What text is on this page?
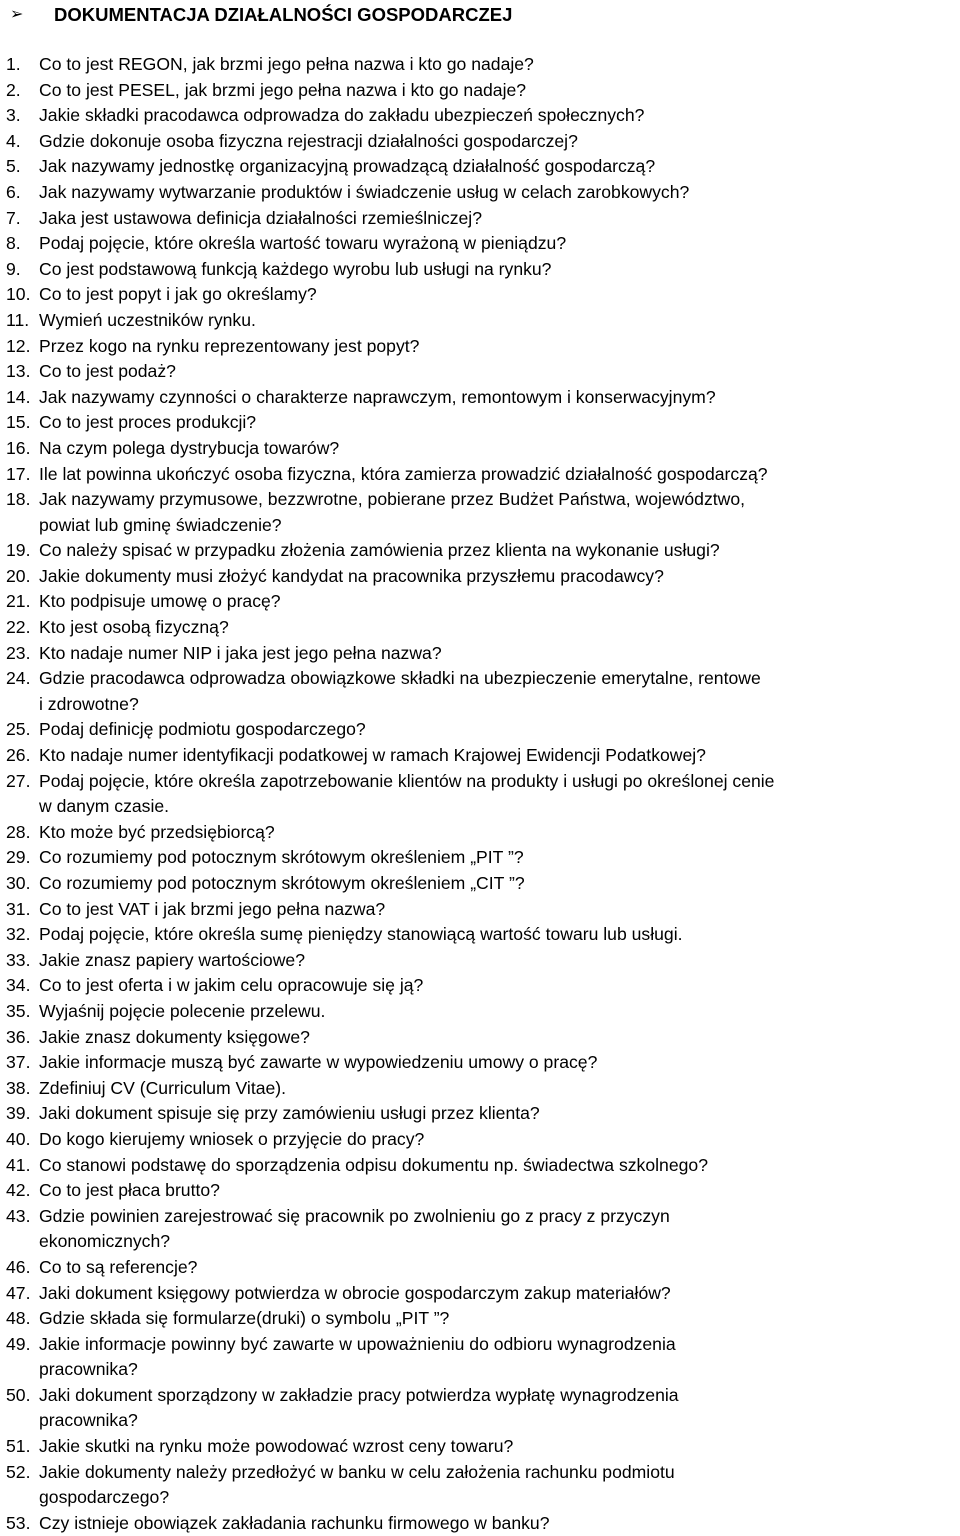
➢	DOKUMENTACJA DZIAŁALNOŚCI GOSPODARCZEJ
1.	Co to jest REGON, jak brzmi jego pełna nazwa i kto go nadaje?
2.	Co to jest PESEL, jak brzmi jego pełna nazwa i kto go nadaje?
3.	Jakie składki pracodawca odprowadza do zakładu ubezpieczeń społecznych?
4.	Gdzie dokonuje osoba fizyczna rejestracji działalności gospodarczej?
5.	Jak nazywamy jednostkę organizacyjną prowadzącą działalność gospodarczą?
6.	Jak nazywamy wytwarzanie produktów i świadczenie usług w celach zarobkowych?
7.	Jaka jest ustawowa definicja działalności rzemieślniczej?
8.	Podaj pojęcie, które określa wartość towaru wyrażoną w pieniądzu?
9.	Co jest podstawową funkcją każdego wyrobu lub usługi na rynku?
10. Co to jest popyt i jak go określamy?
11. Wymień uczestników rynku.
12. Przez kogo na rynku reprezentowany jest popyt?
13. Co to jest podaż?
14. Jak nazywamy czynności o charakterze naprawczym, remontowym i konserwacyjnym?
15. Co to jest proces produkcji?
16. Na czym polega dystrybucja towarów?
17. Ile lat powinna ukończyć osoba fizyczna, która zamierza prowadzić działalność gospodarczą?
18. Jak nazywamy przymusowe, bezzwrotne, pobierane przez Budżet Państwa, województwo,
powiat lub gminę świadczenie?
19. Co należy spisać w przypadku złożenia zamówienia przez klienta na wykonanie usługi?
20. Jakie dokumenty musi złożyć kandydat na pracownika przyszłemu pracodawcy?
21. Kto podpisuje umowę o pracę?
22. Kto jest osobą fizyczną?
23. Kto nadaje numer NIP i jaka jest jego pełna nazwa?
24. Gdzie pracodawca odprowadza obowiązkowe składki na ubezpieczenie emerytalne, rentowe
i zdrowotne?
25. Podaj definicję podmiotu gospodarczego?
26. Kto nadaje numer identyfikacji podatkowej w ramach Krajowej Ewidencji Podatkowej?
27. Podaj pojęcie, które określa zapotrzebowanie klientów na produkty i usługi po określonej cenie
w danym czasie.
28. Kto może być przedsiębiorcą?
29. Co rozumiemy pod potocznym skrótowym określeniem „PIT ”?
30. Co rozumiemy pod potocznym skrótowym określeniem „CIT ”?
31. Co to jest VAT i jak brzmi jego pełna nazwa?
32. Podaj pojęcie, które określa sumę pieniędzy stanowiącą wartość towaru lub usługi.
33. Jakie znasz papiery wartościowe?
34. Co to jest oferta i w jakim celu opracowuje się ją?
35. Wyjaśnij pojęcie polecenie przelewu.
36. Jakie znasz dokumenty księgowe?
37. Jakie informacje muszą być zawarte w wypowiedzeniu umowy o pracę?
38. Zdefiniuj CV (Curriculum Vitae).
39. Jaki dokument spisuje się przy zamówieniu usługi przez klienta?
40. Do kogo kierujemy wniosek o przyjęcie do pracy?
41. Co stanowi podstawę do sporządzenia odpisu dokumentu np. świadectwa szkolnego?
42. Co to jest płaca brutto?
43. Gdzie powinien zarejestrować się pracownik po zwolnieniu go z pracy z przyczyn
ekonomicznych?
46. Co to są referencje?
47. Jaki dokument księgowy potwierdza w obrocie gospodarczym zakup materiałów?
48. Gdzie składa się formularze(druki) o symbolu „PIT ”?
49. Jakie informacje powinny być zawarte w upoważnieniu do odbioru wynagrodzenia
pracownika?
50. Jaki dokument sporządzony w zakładzie pracy potwierdza wypłatę wynagrodzenia
pracownika?
51. Jakie skutki na rynku może powodować wzrost ceny towaru?
52. Jakie dokumenty należy przedłożyć w banku w celu założenia rachunku podmiotu
gospodarczego?
53. Czy istnieje obowiązek zakładania rachunku firmowego w banku?
